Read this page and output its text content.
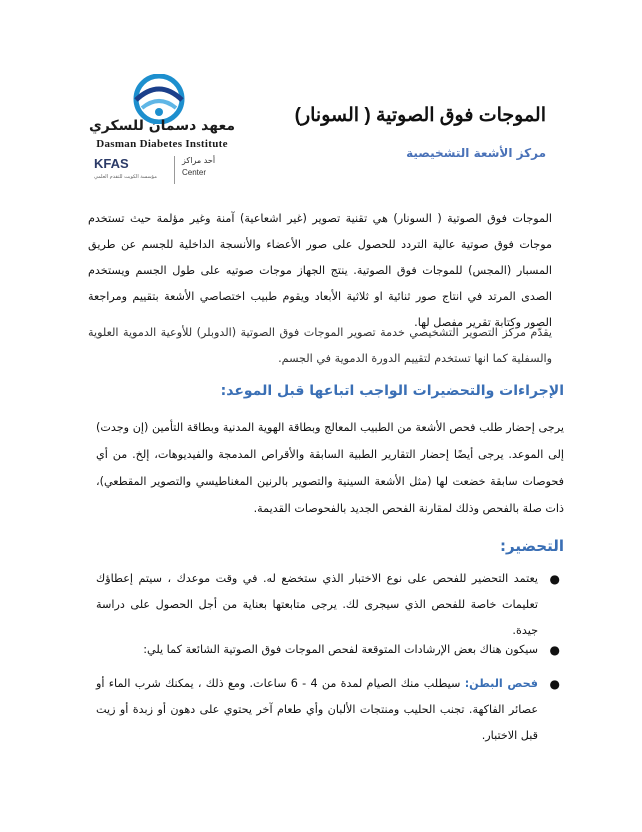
معهد دسمان للسكري
Dasman Diabetes Institute
KFAS
مؤسسة الكويت للتقدم العلمي
أحد مراكز
Center
الموجات فوق الصوتية ( السونار)
مركز الأشعة التشخيصية
الموجات فوق الصوتية ( السونار) هي تقنية تصوير (غير اشعاعية) آمنة وغير مؤلمة حيث تستخدم موجات فوق صوتية عالية التردد للحصول على صور الأعضاء والأنسجة الداخلية للجسم عن طريق المسبار (المجس) للموجات فوق الصوتية. ينتج الجهاز موجات صوتيه على طول الجسم ويستخدم الصدى المرتد في انتاج صور ثنائية او ثلاثية الأبعاد ويقوم طبيب اختصاصي الأشعة بتقييم ومراجعة الصور وكتابة تقرير مفصل لها.
يقدّم مركز التصوير التشخيصي خدمة تصوير الموجات فوق الصوتية (الدوبلر) للأوعية الدموية العلوية والسفلية كما انها تستخدم لتقييم الدورة الدموية في الجسم.
الإجراءات والتحضيرات الواجب اتباعها قبل الموعد:
يرجى إحضار طلب فحص الأشعة من الطبيب المعالج وبطاقة الهوية المدنية وبطاقة التأمين (إن وجدت) إلى الموعد. يرجى أيضًا إحضار التقارير الطبية السابقة والأقراص المدمجة والفيديوهات، إلخ. من أي فحوصات سابقة خضعت لها (مثل الأشعة السينية والتصوير بالرنين المغناطيسي والتصوير المقطعي)، ذات صلة بالفحص وذلك لمقارنة الفحص الجديد بالفحوصات القديمة.
التحضير:
●
يعتمد التحضير للفحص على نوع الاختبار الذي ستخضع له. في وقت موعدك ، سيتم إعطاؤك تعليمات خاصة للفحص الذي سيجرى لك. يرجى متابعتها بعناية من أجل الحصول على دراسة جيدة.
●
سيكون هناك بعض الإرشادات المتوقعة لفحص الموجات فوق الصوتية الشائعة كما يلي:
●
فحص البطن: سيطلب منك الصيام لمدة من 4 - 6 ساعات. ومع ذلك ، يمكنك شرب الماء أو عصائر الفاكهة. تجنب الحليب ومنتجات الألبان وأي طعام آخر يحتوي على دهون أو زبدة أو زيت قبل الاختبار.
